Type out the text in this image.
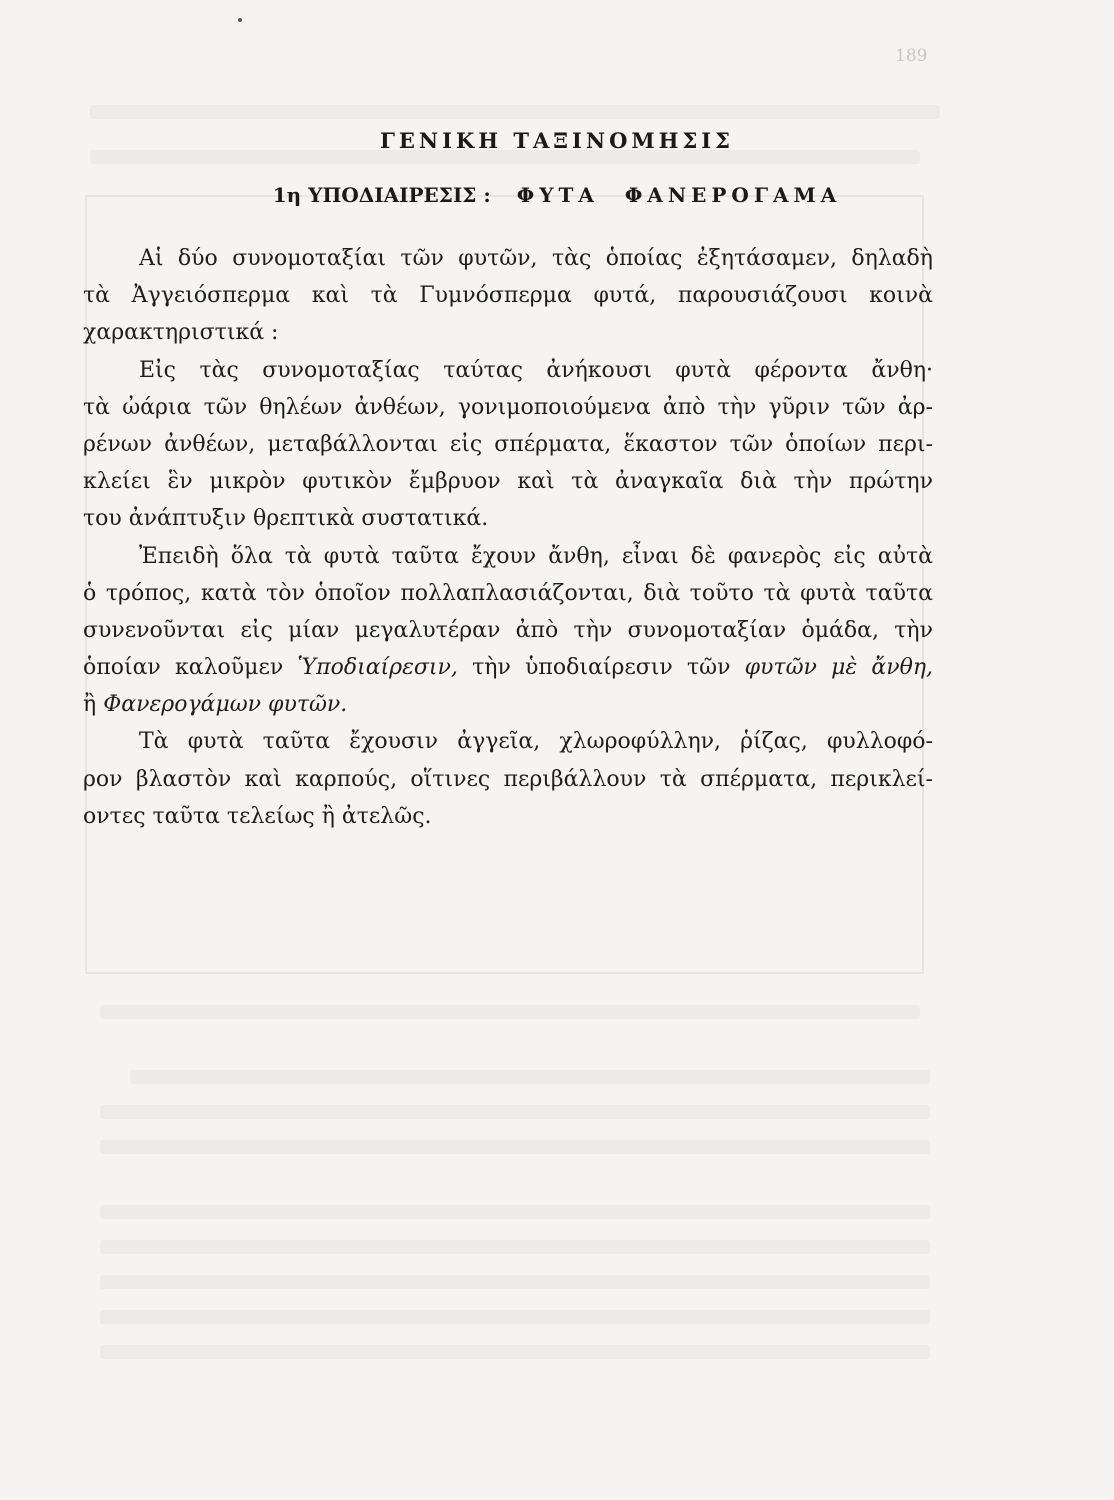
189
ΓΕΝΙΚΗ ΤΑΞΙΝΟΜΗΣΙΣ
1η ΥΠΟΔΙΑΙΡΕΣΙΣ : ΦΥΤΑ ΦΑΝΕΡΟΓΑΜΑ
Αἱ δύο συνομοταξίαι τῶν φυτῶν, τὰς ὁποίας ἐξητάσαμεν, δηλαδὴ
τὰ Ἀγγειόσπερμα καὶ τὰ Γυμνόσπερμα φυτά, παρουσιάζουσι κοινὰ
χαρακτηριστικά :
Εἰς τὰς συνομοταξίας ταύτας ἀνήκουσι φυτὰ φέροντα ἄνθη·
τὰ ὠάρια τῶν θηλέων ἀνθέων, γονιμοποιούμενα ἀπὸ τὴν γῦριν τῶν ἀρ-
ρένων ἀνθέων, μεταβάλλονται εἰς σπέρματα, ἕκαστον τῶν ὁποίων περι-
κλείει ἓν μικρὸν φυτικὸν ἔμβρυον καὶ τὰ ἀναγκαῖα διὰ τὴν πρώτην
του ἀνάπτυξιν θρεπτικὰ συστατικά.
Ἐπειδὴ ὅλα τὰ φυτὰ ταῦτα ἔχουν ἄνθη, εἶναι δὲ φανερὸς εἰς αὐτὰ
ὁ τρόπος, κατὰ τὸν ὁποῖον πολλαπλασιάζονται, διὰ τοῦτο τὰ φυτὰ ταῦτα
συνενοῦνται εἰς μίαν μεγαλυτέραν ἀπὸ τὴν συνομοταξίαν ὁμάδα, τὴν
ὁποίαν καλοῦμεν Ὑποδιαίρεσιν, τὴν ὑποδιαίρεσιν τῶν φυτῶν μὲ ἄνθη,
ἢ Φανερογάμων φυτῶν.
Τὰ φυτὰ ταῦτα ἔχουσιν ἀγγεῖα, χλωροφύλλην, ῥίζας, φυλλοφό-
ρον βλαστὸν καὶ καρπούς, οἵτινες περιβάλλουν τὰ σπέρματα, περικλεί-
οντες ταῦτα τελείως ἢ ἀτελῶς.
